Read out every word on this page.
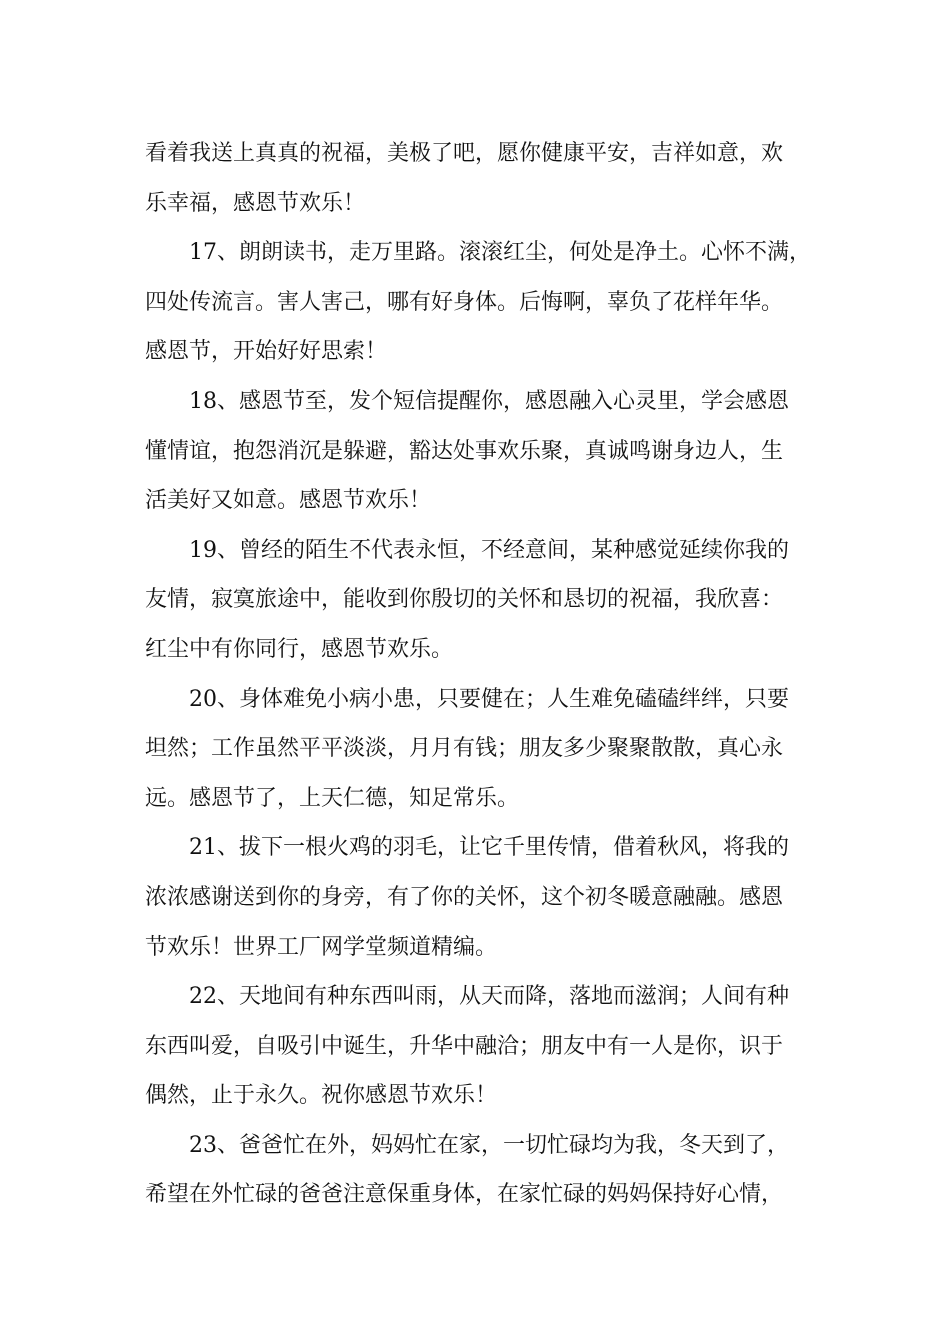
看着我送上真真的祝福，美极了吧，愿你健康平安，吉祥如意，欢
乐幸福，感恩节欢乐！

17、朗朗读书，走万里路。滚滚红尘，何处是净土。心怀不满，
四处传流言。害人害己，哪有好身体。后悔啊，辜负了花样年华。
感恩节，开始好好思索！

18、感恩节至，发个短信提醒你，感恩融入心灵里，学会感恩
懂情谊，抱怨消沉是躲避，豁达处事欢乐聚，真诚鸣谢身边人，生
活美好又如意。感恩节欢乐！

19、曾经的陌生不代表永恒，不经意间，某种感觉延续你我的
友情，寂寞旅途中，能收到你殷切的关怀和恳切的祝福，我欣喜：
红尘中有你同行，感恩节欢乐。

20、身体难免小病小患，只要健在；人生难免磕磕绊绊，只要
坦然；工作虽然平平淡淡，月月有钱；朋友多少聚聚散散，真心永
远。感恩节了，上天仁德，知足常乐。

21、拔下一根火鸡的羽毛，让它千里传情，借着秋风，将我的
浓浓感谢送到你的身旁，有了你的关怀，这个初冬暖意融融。感恩
节欢乐！世界工厂网学堂频道精编。

22、天地间有种东西叫雨，从天而降，落地而滋润；人间有种
东西叫爱，自吸引中诞生，升华中融洽；朋友中有一人是你，识于
偶然，止于永久。祝你感恩节欢乐！

23、爸爸忙在外，妈妈忙在家，一切忙碌均为我，冬天到了，
希望在外忙碌的爸爸注意保重身体，在家忙碌的妈妈保持好心情，
